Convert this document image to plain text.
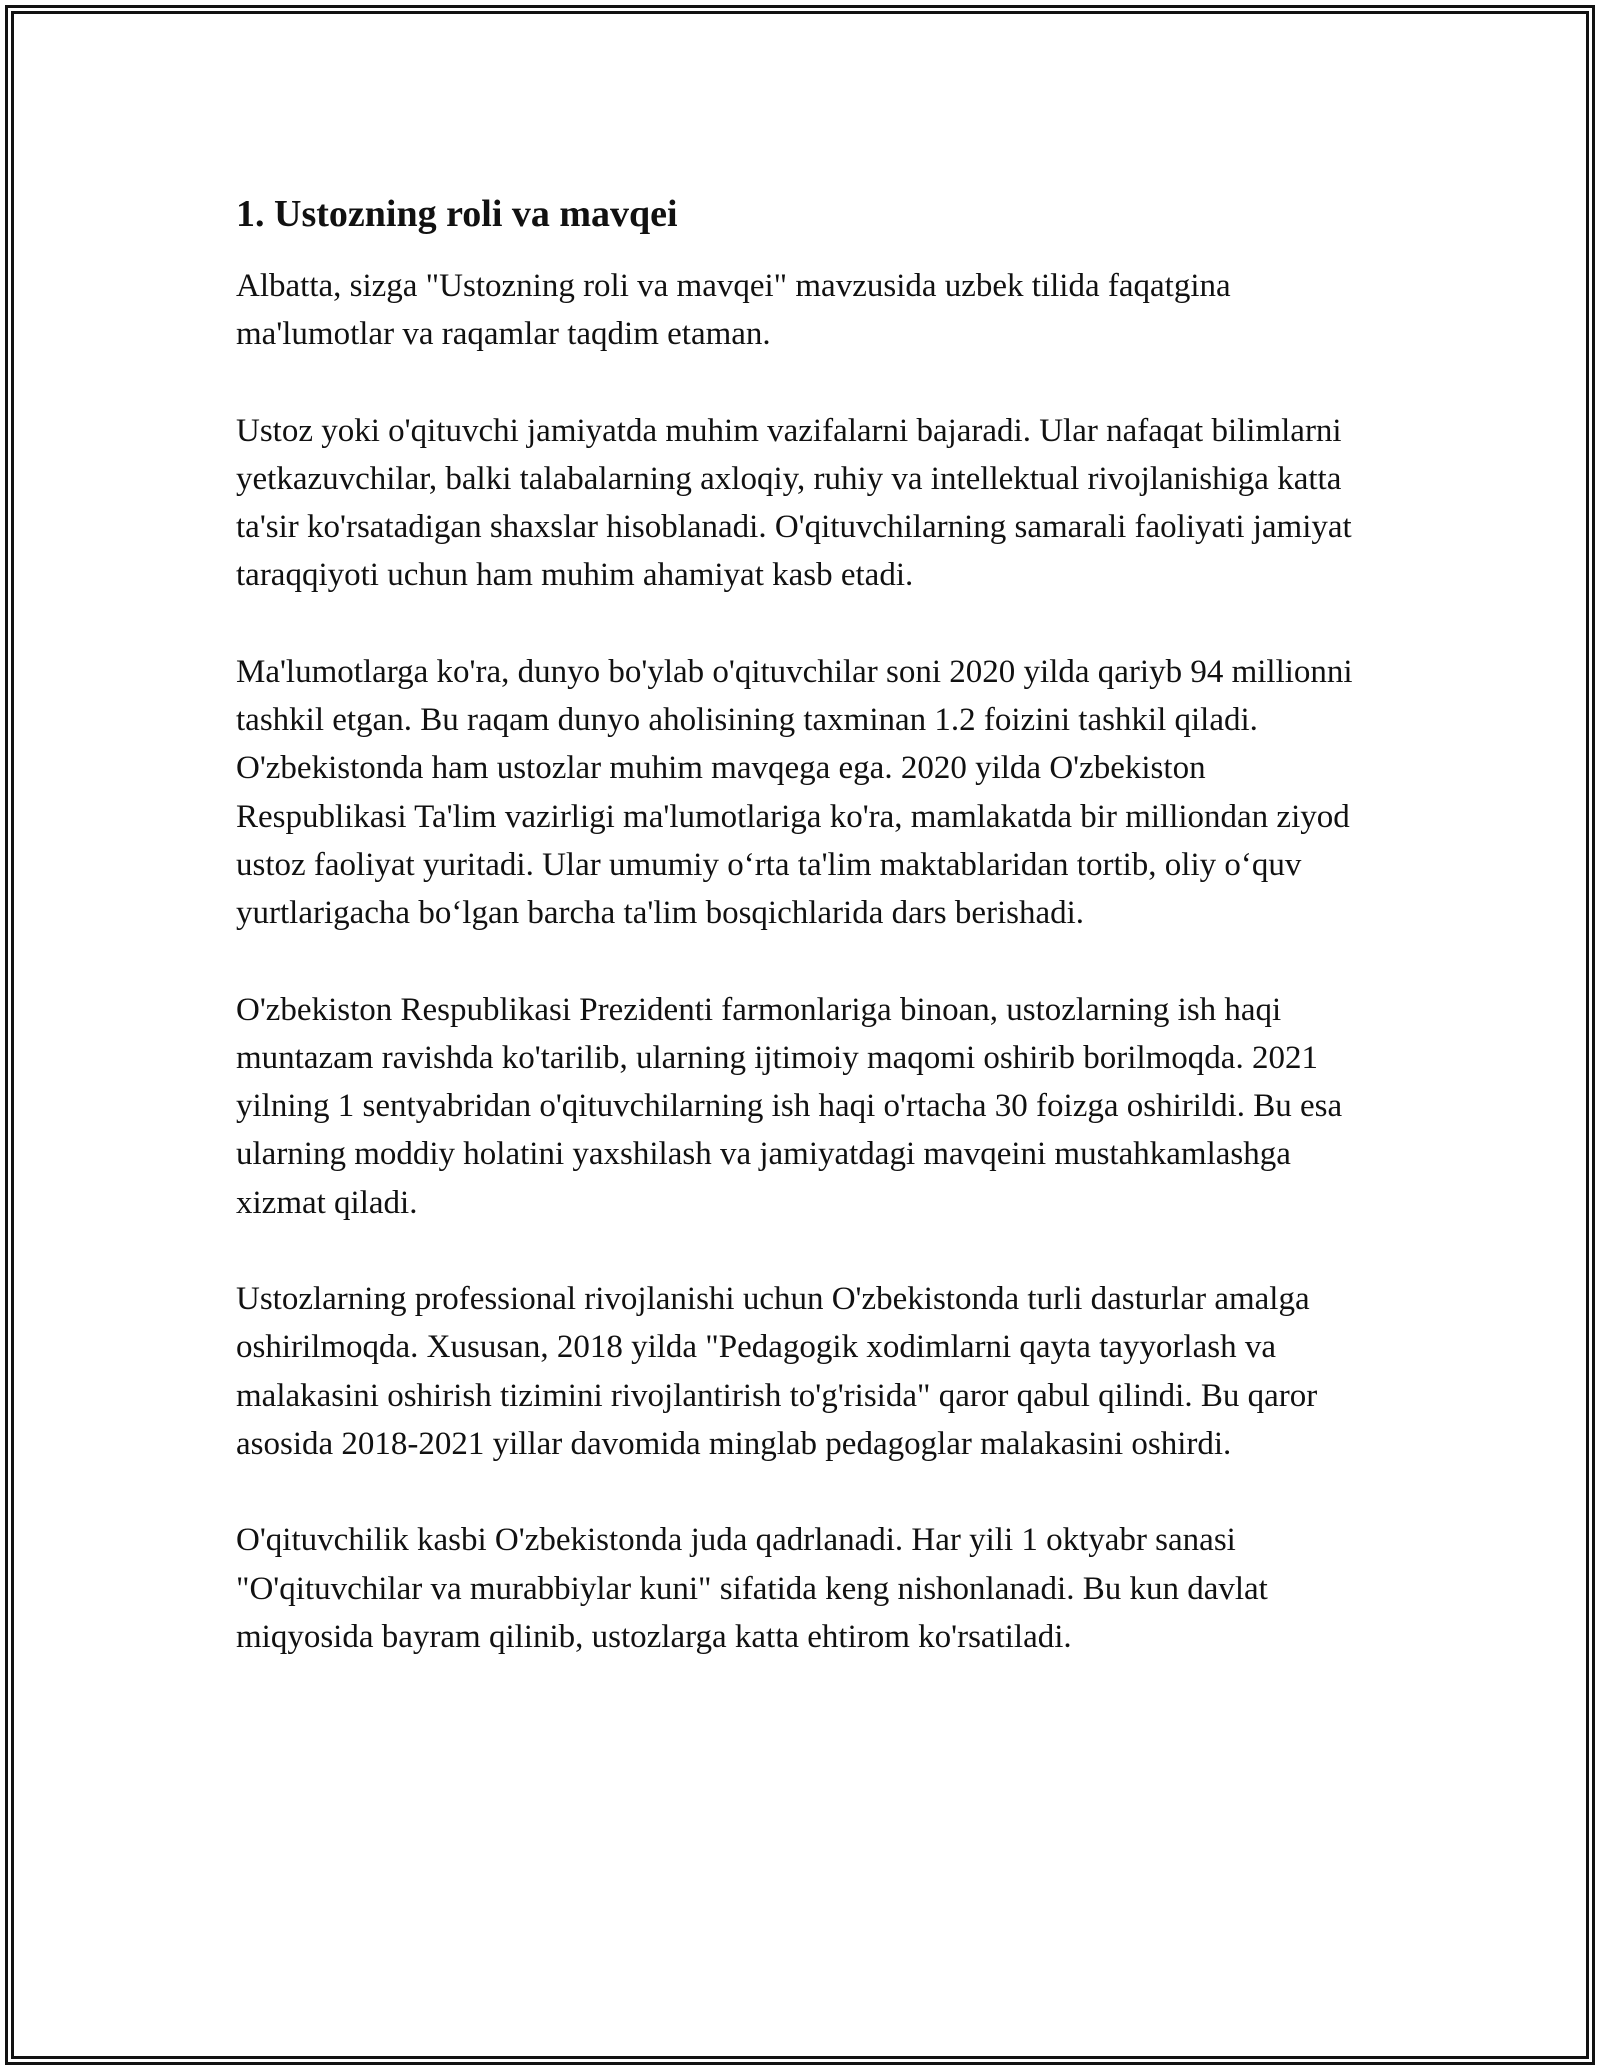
1. Ustozning roli va mavqei

Albatta, sizga "Ustozning roli va mavqei" mavzusida uzbek tilida faqatgina ma'lumotlar va raqamlar taqdim etaman.

Ustoz yoki o'qituvchi jamiyatda muhim vazifalarni bajaradi. Ular nafaqat bilimlarni yetkazuvchilar, balki talabalarning axloqiy, ruhiy va intellektual rivojlanishiga katta ta'sir ko'rsatadigan shaxslar hisoblanadi. O'qituvchilarning samarali faoliyati jamiyat taraqqiyoti uchun ham muhim ahamiyat kasb etadi.

Ma'lumotlarga ko'ra, dunyo bo'ylab o'qituvchilar soni 2020 yilda qariyb 94 millionni tashkil etgan. Bu raqam dunyo aholisining taxminan 1.2 foizini tashkil qiladi. O'zbekistonda ham ustozlar muhim mavqega ega. 2020 yilda O'zbekiston Respublikasi Ta'lim vazirligi ma'lumotlariga ko'ra, mamlakatda bir milliondan ziyod ustoz faoliyat yuritadi. Ular umumiy o‘rta ta'lim maktablaridan tortib, oliy o‘quv yurtlarigacha bo‘lgan barcha ta'lim bosqichlarida dars berishadi.

O'zbekiston Respublikasi Prezidenti farmonlariga binoan, ustozlarning ish haqi muntazam ravishda ko'tarilib, ularning ijtimoiy maqomi oshirib borilmoqda. 2021 yilning 1 sentyabridan o'qituvchilarning ish haqi o'rtacha 30 foizga oshirildi. Bu esa ularning moddiy holatini yaxshilash va jamiyatdagi mavqeini mustahkamlashga xizmat qiladi.

Ustozlarning professional rivojlanishi uchun O'zbekistonda turli dasturlar amalga oshirilmoqda. Xususan, 2018 yilda "Pedagogik xodimlarni qayta tayyorlash va malakasini oshirish tizimini rivojlantirish to'g'risida" qaror qabul qilindi. Bu qaror asosida 2018-2021 yillar davomida minglab pedagoglar malakasini oshirdi.

O'qituvchilik kasbi O'zbekistonda juda qadrlanadi. Har yili 1 oktyabr sanasi "O'qituvchilar va murabbiylar kuni" sifatida keng nishonlanadi. Bu kun davlat miqyosida bayram qilinib, ustozlarga katta ehtirom ko'rsatiladi.
